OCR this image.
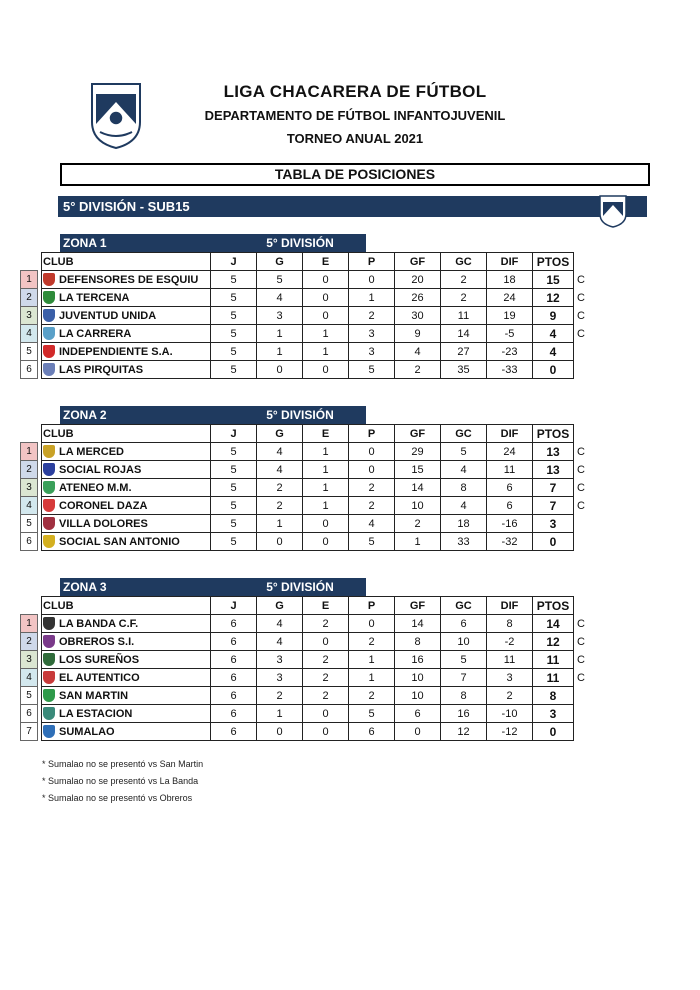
LIGA CHACARERA DE FÚTBOL
DEPARTAMENTO DE FÚTBOL INFANTOJUVENIL
TORNEO ANUAL 2021
TABLA DE POSICIONES
5° DIVISIÓN - SUB15
ZONA 1	5° DIVISIÓN
		CLUB	J	G	E	P	GF	GC	DIF	PTOS	
1		DEFENSORES DE ESQUIU	5	5	0	0	20	2	18	15	C
2		LA TERCENA	5	4	0	1	26	2	24	12	C
3		JUVENTUD UNIDA	5	3	0	2	30	11	19	9	C
4		LA CARRERA	5	1	1	3	9	14	-5	4	C
5		INDEPENDIENTE S.A.	5	1	1	3	4	27	-23	4	
6		LAS PIRQUITAS	5	0	0	5	2	35	-33	0	
ZONA 2	5° DIVISIÓN
		CLUB	J	G	E	P	GF	GC	DIF	PTOS	
1		LA MERCED	5	4	1	0	29	5	24	13	C
2		SOCIAL ROJAS	5	4	1	0	15	4	11	13	C
3		ATENEO M.M.	5	2	1	2	14	8	6	7	C
4		CORONEL DAZA	5	2	1	2	10	4	6	7	C
5		VILLA DOLORES	5	1	0	4	2	18	-16	3	
6		SOCIAL SAN ANTONIO	5	0	0	5	1	33	-32	0	
ZONA 3	5° DIVISIÓN
		CLUB	J	G	E	P	GF	GC	DIF	PTOS	
1		LA BANDA C.F.	6	4	2	0	14	6	8	14	C
2		OBREROS S.I.	6	4	0	2	8	10	-2	12	C
3		LOS SUREÑOS	6	3	2	1	16	5	11	11	C
4		EL AUTENTICO	6	3	2	1	10	7	3	11	C
5		SAN MARTIN	6	2	2	2	10	8	2	8	
6		LA ESTACION	6	1	0	5	6	16	-10	3	
7		SUMALAO	6	0	0	6	0	12	-12	0	
* Sumalao no se presentó vs San Martin
* Sumalao no se presentó vs La Banda
* Sumalao no se presentó vs Obreros
